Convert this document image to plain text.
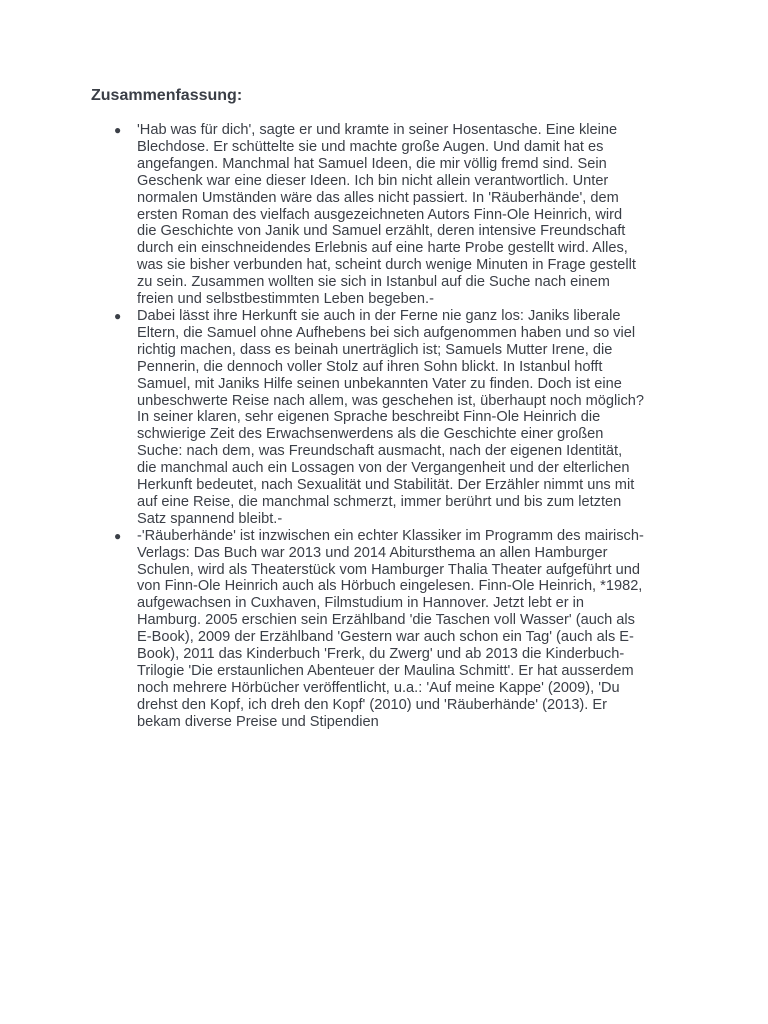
Zusammenfassung:
● 'Hab was für dich', sagte er und kramte in seiner Hosentasche. Eine kleine
Blechdose. Er schüttelte sie und machte große Augen. Und damit hat es
angefangen. Manchmal hat Samuel Ideen, die mir völlig fremd sind. Sein
Geschenk war eine dieser Ideen. Ich bin nicht allein verantwortlich. Unter
normalen Umständen wäre das alles nicht passiert. In 'Räuberhände', dem
ersten Roman des vielfach ausgezeichneten Autors Finn-Ole Heinrich, wird
die Geschichte von Janik und Samuel erzählt, deren intensive Freundschaft
durch ein einschneidendes Erlebnis auf eine harte Probe gestellt wird. Alles,
was sie bisher verbunden hat, scheint durch wenige Minuten in Frage gestellt
zu sein. Zusammen wollten sie sich in Istanbul auf die Suche nach einem
freien und selbstbestimmten Leben begeben.-
● Dabei lässt ihre Herkunft sie auch in der Ferne nie ganz los: Janiks liberale
Eltern, die Samuel ohne Aufhebens bei sich aufgenommen haben und so viel
richtig machen, dass es beinah unerträglich ist; Samuels Mutter Irene, die
Pennerin, die dennoch voller Stolz auf ihren Sohn blickt. In Istanbul hofft
Samuel, mit Janiks Hilfe seinen unbekannten Vater zu finden. Doch ist eine
unbeschwerte Reise nach allem, was geschehen ist, überhaupt noch möglich?
In seiner klaren, sehr eigenen Sprache beschreibt Finn-Ole Heinrich die
schwierige Zeit des Erwachsenwerdens als die Geschichte einer großen
Suche: nach dem, was Freundschaft ausmacht, nach der eigenen Identität,
die manchmal auch ein Lossagen von der Vergangenheit und der elterlichen
Herkunft bedeutet, nach Sexualität und Stabilität. Der Erzähler nimmt uns mit
auf eine Reise, die manchmal schmerzt, immer berührt und bis zum letzten
Satz spannend bleibt.-
● -'Räuberhände' ist inzwischen ein echter Klassiker im Programm des mairisch-
Verlags: Das Buch war 2013 und 2014 Abitursthema an allen Hamburger
Schulen, wird als Theaterstück vom Hamburger Thalia Theater aufgeführt und
von Finn-Ole Heinrich auch als Hörbuch eingelesen. Finn-Ole Heinrich, *1982,
aufgewachsen in Cuxhaven, Filmstudium in Hannover. Jetzt lebt er in
Hamburg. 2005 erschien sein Erzählband 'die Taschen voll Wasser' (auch als
E-Book), 2009 der Erzählband 'Gestern war auch schon ein Tag' (auch als E-
Book), 2011 das Kinderbuch 'Frerk, du Zwerg' und ab 2013 die Kinderbuch-
Trilogie 'Die erstaunlichen Abenteuer der Maulina Schmitt'. Er hat ausserdem
noch mehrere Hörbücher veröffentlicht, u.a.: 'Auf meine Kappe' (2009), 'Du
drehst den Kopf, ich dreh den Kopf' (2010) und 'Räuberhände' (2013). Er
bekam diverse Preise und Stipendien
